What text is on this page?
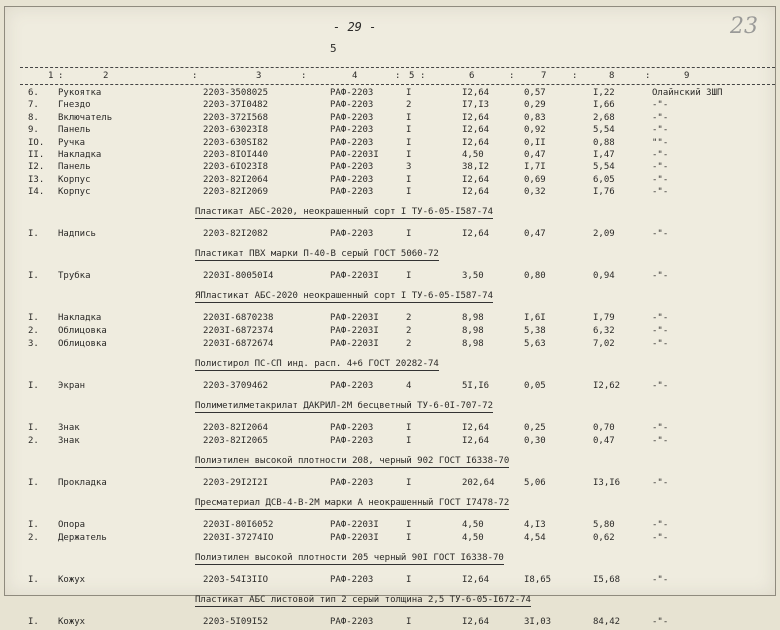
- 29 -
5
23
1 :	2	:	3	:	4	: 5 :	6	:	7	:	8	:	9
6. Рукоятка	2203-3508025	РАФ-2203	I	I2,64	0,57	I,22	Олайнский ЗШП
7. Гнездо	2203-37I0482	РАФ-2203	2	I7,I3	0,29	I,66	-"-
8. Включатель	2203-372I568	РАФ-2203	I	I2,64	0,83	2,68	-"-
9. Панель	2203-63023I8	РАФ-2203	I	I2,64	0,92	5,54	-"-
IO. Ручка	2203-630SI82	РАФ-2203	I	I2,64	0,II	0,88	""-
II. Накладка	2203-8IOI440	РАФ-2203I	I	4,50	0,47	I,47	-"-
I2. Панель	2203-6IO23I8	РАФ-2203	3	38,I2	I,7I	5,54	-"-
I3. Корпус	2203-82I2064	РАФ-2203	I	I2,64	0,69	6,05	-"-
I4. Корпус	2203-82I2069	РАФ-2203	I	I2,64	0,32	I,76	-"-
Пластикат АБС-2020, неокрашенный сорт I ТУ-6-05-I587-74
I. Надпись	2203-82I2082	РАФ-2203	I	I2,64	0,47	2,09	-"-
Пластикат ПВХ марки П-40-В серый ГОСТ 5060-72
I. Трубка	2203I-80050I4	РАФ-2203I	I	3,50	0,80	0,94	-"-
ЯПластикат АБС-2020 неокрашенный сорт I ТУ-6-05-I587-74
I. Накладка	2203I-6870238	РАФ-2203I	2	8,98	I,6I	I,79	-"-
2. Облицовка	2203I-6872374	РАФ-2203I	2	8,98	5,38	6,32	-"-
3. Облицовка	2203I-6872674	РАФ-2203I	2	8,98	5,63	7,02	-"-
Полистирол ПС-СП инд. расп. 4+6 ГОСТ 20282-74
I. Экран	2203-3709462	РАФ-2203	4	5I,I6	0,05	I2,62	-"-
Полиметилметакрилат ДАКРИЛ-2М бесцветный ТУ-6-0I-707-72
I. Знак	2203-82I2064	РАФ-2203	I	I2,64	0,25	0,70	-"-
2. Знак	2203-82I2065	РАФ-2203	I	I2,64	0,30	0,47	-"-
Полиэтилен высокой плотности 208, черный 902 ГОСТ I6338-70
I. Прокладка	2203-29I2I2I	РАФ-2203	I	202,64	5,06	I3,I6	-"-
Пресматериал ДСВ-4-В-2М марки А неокрашенный ГОСТ I7478-72
I. Опора	2203I-80I6052	РАФ-2203I	I	4,50	4,I3	5,80	-"-
2. Держатель	2203I-37274IO	РАФ-2203I	I	4,50	4,54	0,62	-"-
Полиэтилен высокой плотности 205 черный 90I ГОСТ I6338-70
I. Кожух	2203-54I3IIO	РАФ-2203	I	I2,64	I8,65	I5,68	-"-
Пластикат АБС листовой тип 2 серый толщина 2,5 ТУ-6-05-I672-74
I. Кожух	2203-5I09I52	РАФ-2203	I	I2,64	3I,03	84,42	-"-
